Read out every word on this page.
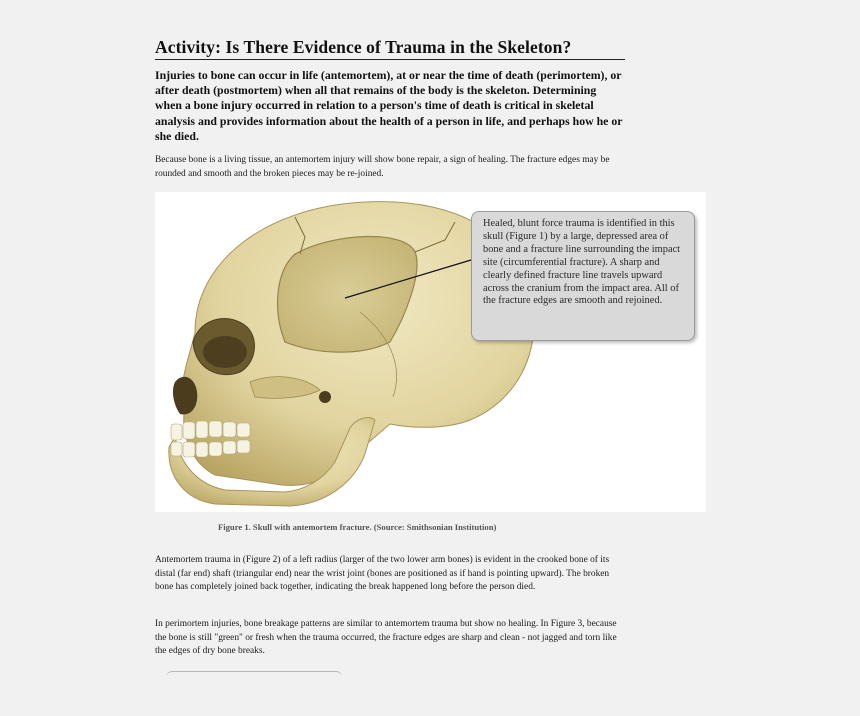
Activity: Is There Evidence of Trauma in the Skeleton?
Injuries to bone can occur in life (antemortem), at or near the time of death (perimortem), or after death (postmortem) when all that remains of the body is the skeleton. Determining when a bone injury occurred in relation to a person's time of death is critical in skeletal analysis and provides information about the health of a person in life, and perhaps how he or she died.
Because bone is a living tissue, an antemortem injury will show bone repair, a sign of healing. The fracture edges may be rounded and smooth and the broken pieces may be re-joined.
Healed, blunt force trauma is identified in this skull (Figure 1) by a large, depressed area of bone and a fracture line surrounding the impact site (circumferential fracture). A sharp and clearly defined fracture line travels upward across the cranium from the impact area. All of the fracture edges are smooth and rejoined.
Figure 1. Skull with antemortem fracture. (Source: Smithsonian Institution)
Antemortem trauma in (Figure 2) of a left radius (larger of the two lower arm bones) is evident in the crooked bone of its distal (far end) shaft (triangular end) near the wrist joint (bones are positioned as if hand is pointing upward). The broken bone has completely joined back together, indicating the break happened long before the person died.
In perimortem injuries, bone breakage patterns are similar to antemortem trauma but show no healing. In Figure 3, because the bone is still "green" or fresh when the trauma occurred, the fracture edges are sharp and clean - not jagged and torn like the edges of dry bone breaks.
